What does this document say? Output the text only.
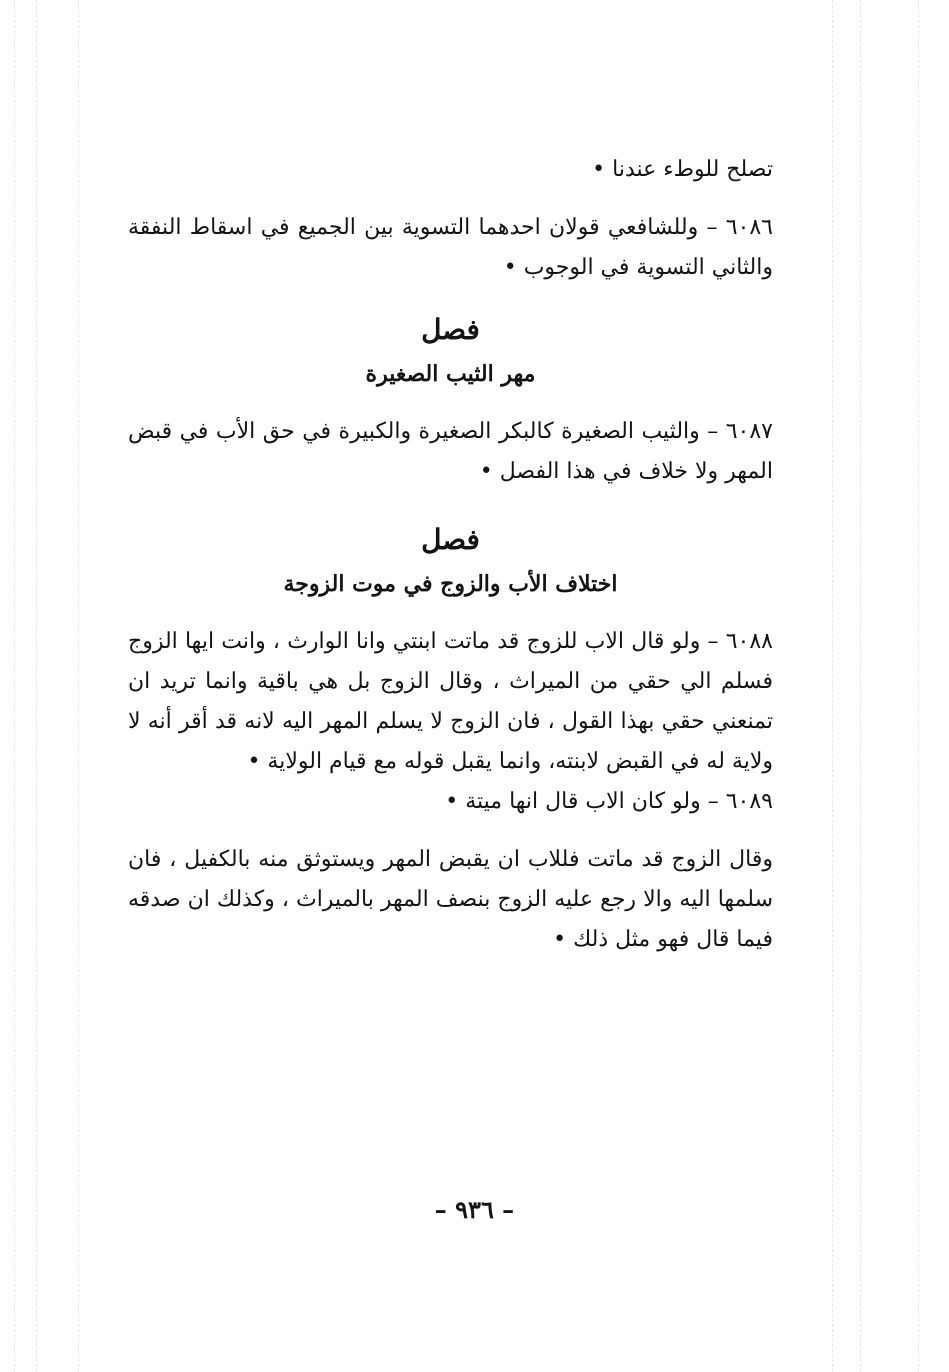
تصلح للوطء عندنا •

٦٠٨٦ – وللشافعي قولان احدهما التسوية بين الجميع في اسقاط النفقة والثاني التسوية في الوجوب •

فصل

مهر الثيب الصغيرة

٦٠٨٧ – والثيب الصغيرة كالبكر الصغيرة والكبيرة في حق الأب في قبض المهر ولا خلاف في هذا الفصل •

فصل

اختلاف الأب والزوج في موت الزوجة

٦٠٨٨ – ولو قال الاب للزوج قد ماتت ابنتي وانا الوارث ، وانت ايها الزوج فسلم الي حقي من الميراث ، وقال الزوج بل هي باقية وانما تريد ان تمنعني حقي بهذا القول ، فان الزوج لا يسلم المهر اليه لانه قد أقر أنه لا ولاية له في القبض لابنته، وانما يقبل قوله مع قيام الولاية •

٦٠٨٩ – ولو كان الاب قال انها ميتة •

وقال الزوج قد ماتت فللاب ان يقبض المهر ويستوثق منه بالكفيل ، فان سلمها اليه والا رجع عليه الزوج بنصف المهر بالميراث ، وكذلك ان صدقه فيما قال فهو مثل ذلك •

– ٩٣٦ –
